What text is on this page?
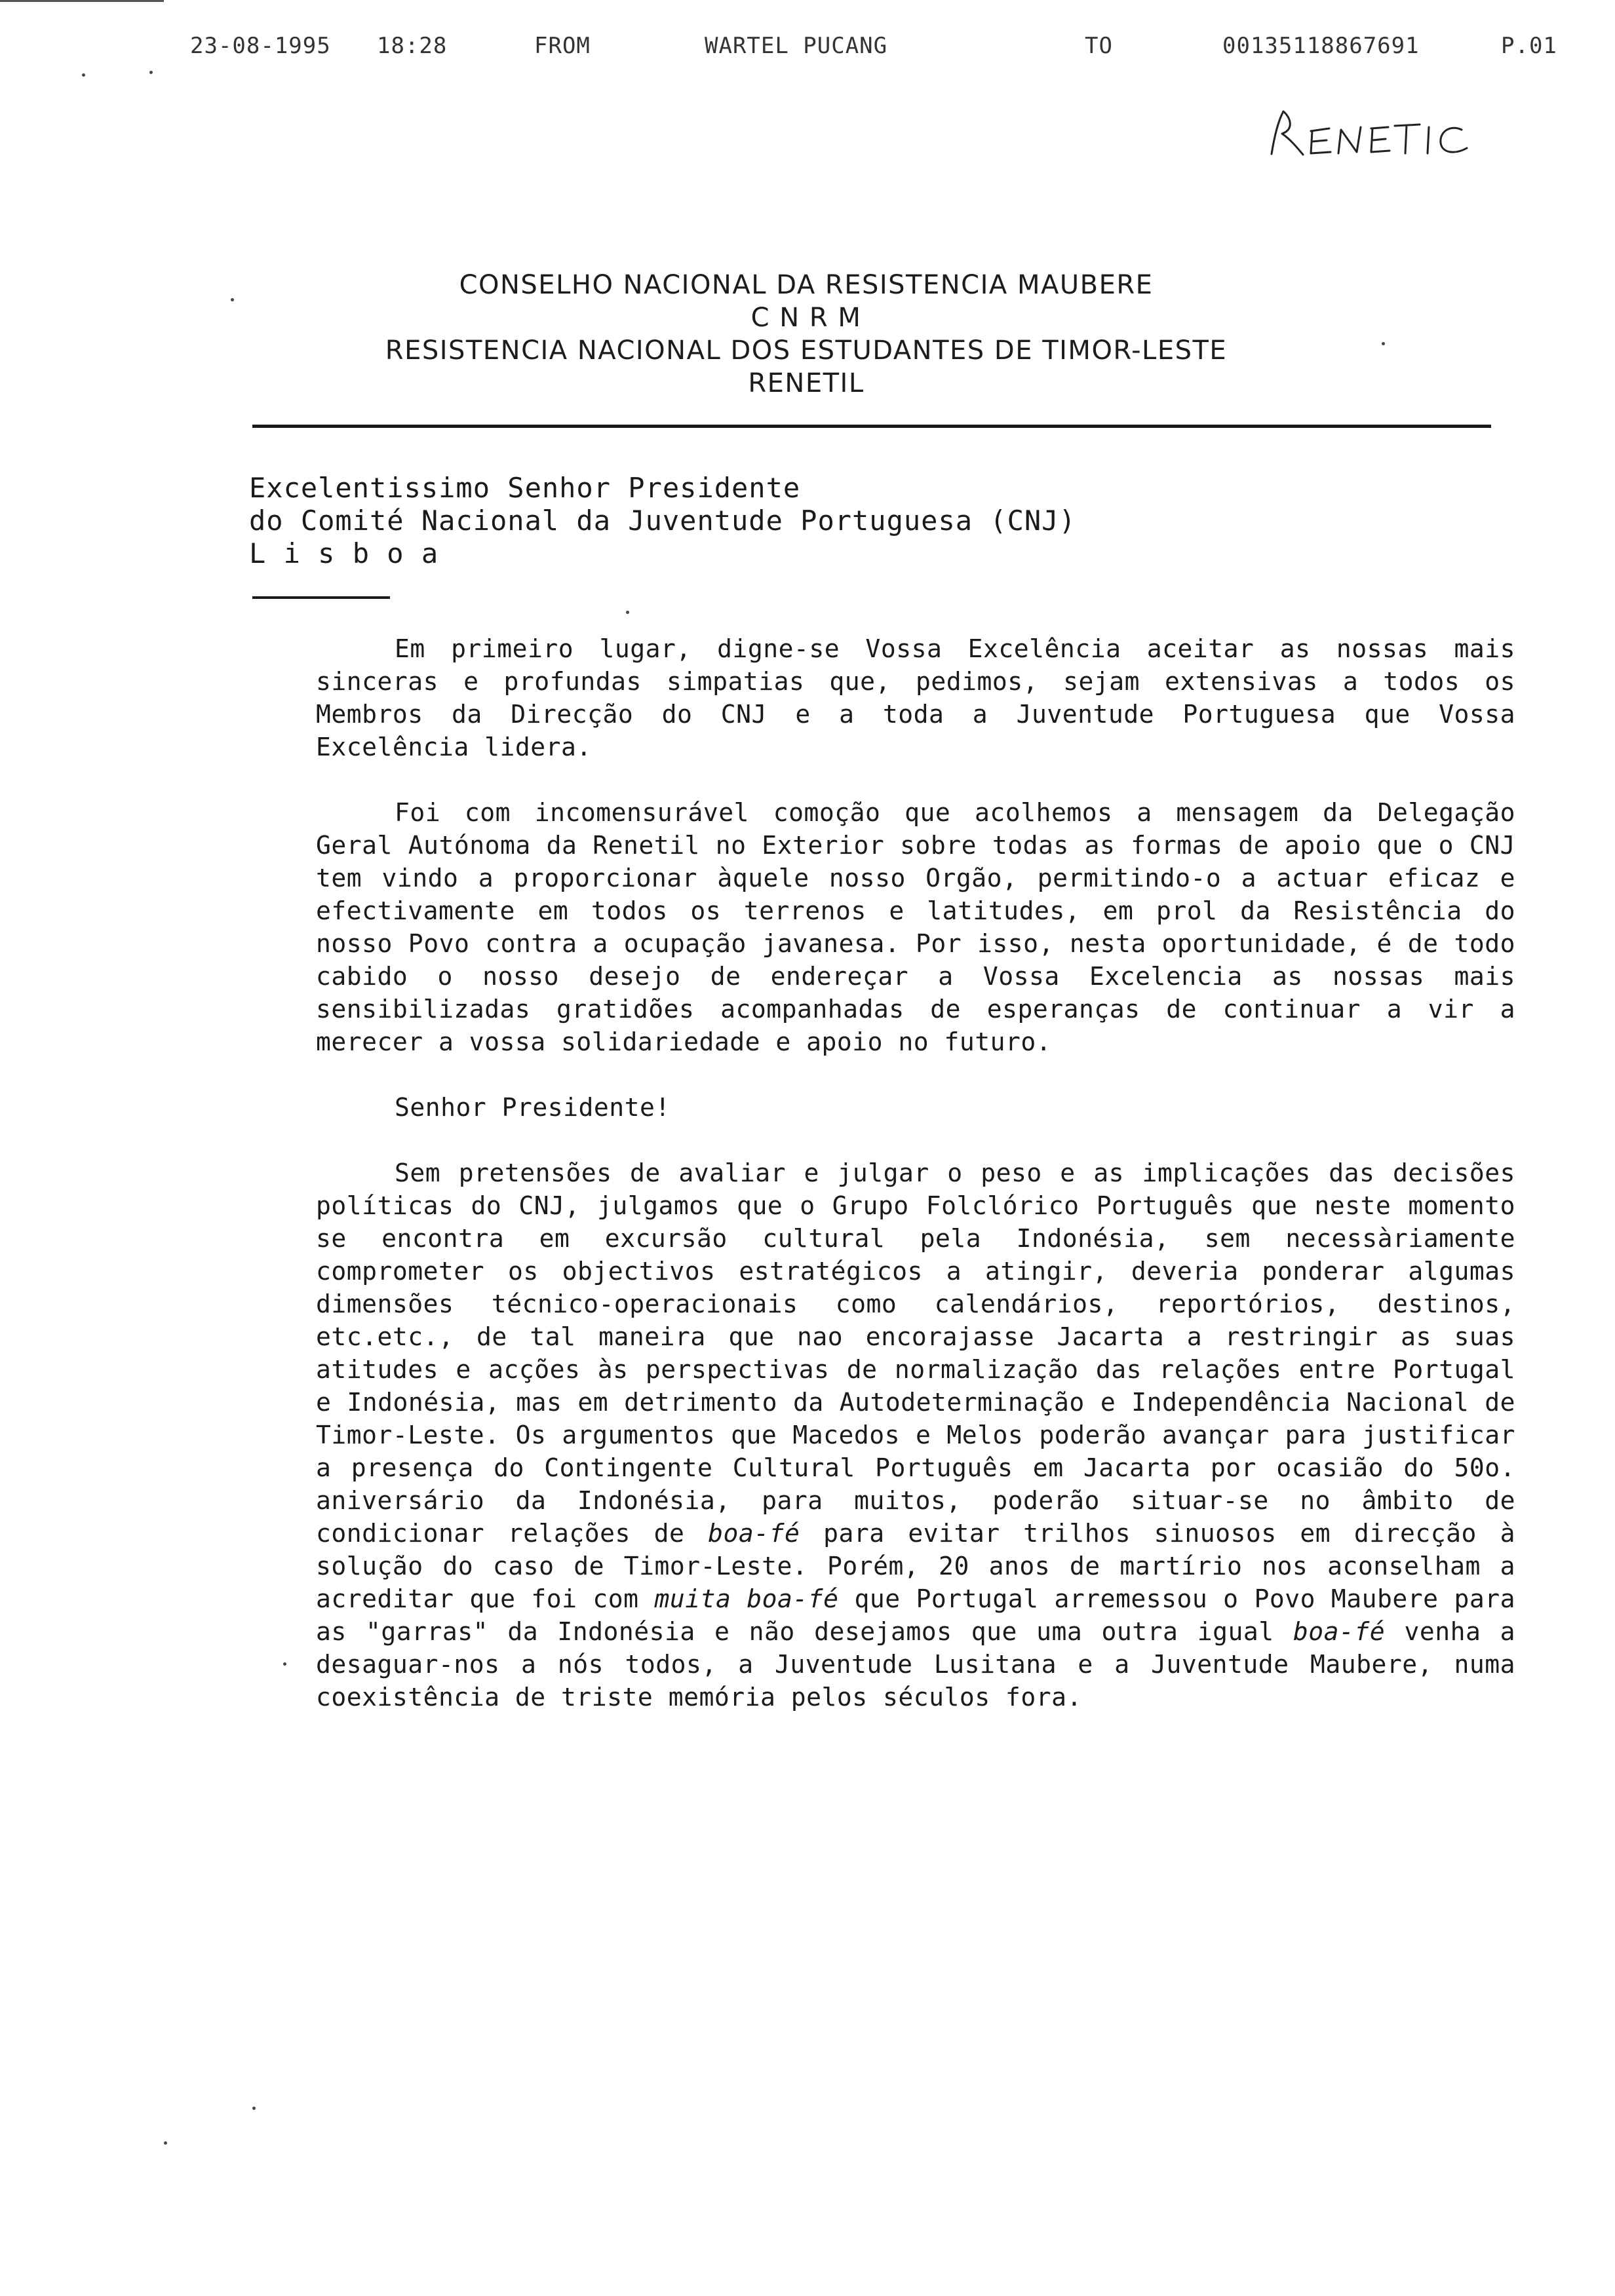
23-08-1995 18:28	FROM	WARTEL PUCANG	TO	00135118867691	P.01
CONSELHO NACIONAL DA RESISTENCIA MAUBERE
C N R M
RESISTENCIA NACIONAL DOS ESTUDANTES DE TIMOR-LESTE
RENETIL
Excelentissimo Senhor Presidente
do Comité Nacional da Juventude Portuguesa (CNJ)
L i s b o a

Em primeiro lugar, digne-se Vossa Excelência aceitar as nossas mais sinceras e profundas simpatias que, pedimos, sejam extensivas a todos os Membros da Direcção do CNJ e a toda a Juventude Portuguesa que Vossa Excelência lidera.

Foi com incomensurável comoção que acolhemos a mensagem da Delegação Geral Autónoma da Renetil no Exterior sobre todas as formas de apoio que o CNJ tem vindo a proporcionar àquele nosso Orgão, permitindo-o a actuar eficaz e efectivamente em todos os terrenos e latitudes, em prol da Resistência do nosso Povo contra a ocupação javanesa. Por isso, nesta oportunidade, é de todo cabido o nosso desejo de endereçar a Vossa Excelencia as nossas mais sensibilizadas gratidões acompanhadas de esperanças de continuar a vir a merecer a vossa solidariedade e apoio no futuro.

Senhor Presidente!

Sem pretensões de avaliar e julgar o peso e as implicações das decisões políticas do CNJ, julgamos que o Grupo Folclórico Português que neste momento se encontra em excursão cultural pela Indonésia, sem necessàriamente comprometer os objectivos estratégicos a atingir, deveria ponderar algumas dimensões técnico-operacionais como calendários, reportórios, destinos, etc.etc., de tal maneira que nao encorajasse Jacarta a restringir as suas atitudes e acções às perspectivas de normalização das relações entre Portugal e Indonésia, mas em detrimento da Autodeterminação e Independência Nacional de Timor-Leste. Os argumentos que Macedos e Melos poderão avançar para justificar a presença do Contingente Cultural Português em Jacarta por ocasião do 50o. aniversário da Indonésia, para muitos, poderão situar-se no âmbito de condicionar relações de boa-fé para evitar trilhos sinuosos em direcção à solução do caso de Timor-Leste. Porém, 20 anos de martírio nos aconselham a acreditar que foi com muita boa-fé que Portugal arremessou o Povo Maubere para as "garras" da Indonésia e não desejamos que uma outra igual boa-fé venha a desaguar-nos a nós todos, a Juventude Lusitana e a Juventude Maubere, numa coexistência de triste memória pelos séculos fora.
